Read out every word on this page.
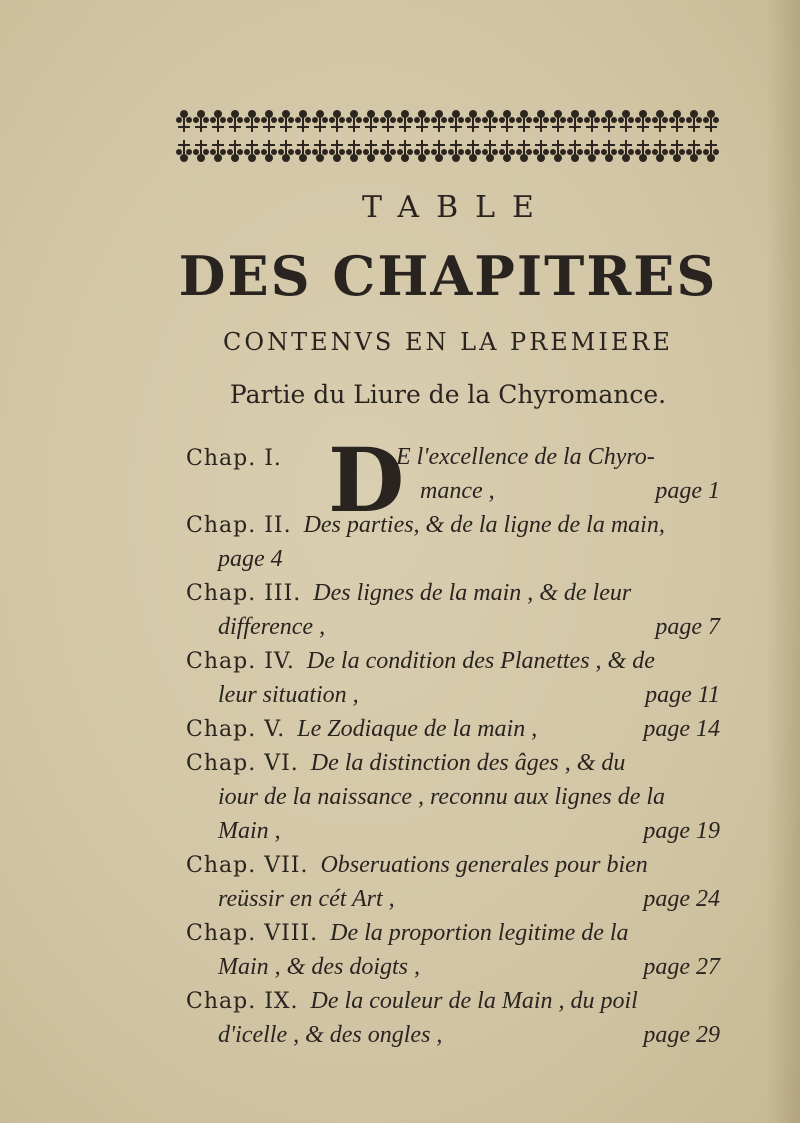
TABLE
DES CHAPITRES
CONTENVS EN LA PREMIERE
Partie du Liure de la Chyromance.
Chap. I. D
E l'excellence de la Chyro-
mance ,	page 1
Chap. II. Des parties, & de la ligne de la main,
page 4
Chap. III. Des lignes de la main , & de leur
difference ,	page 7
Chap. IV. De la condition des Planettes , & de
leur situation ,	page 11
Chap. V. Le Zodiaque de la main ,	page 14
Chap. VI. De la distinction des âges , & du
iour de la naissance , reconnu aux lignes de la
Main ,	page 19
Chap. VII. Obseruations generales pour bien
reüssir en cét Art ,	page 24
Chap. VIII. De la proportion legitime de la
Main , & des doigts ,	page 27
Chap. IX. De la couleur de la Main , du poil
d'icelle , & des ongles ,	page 29
